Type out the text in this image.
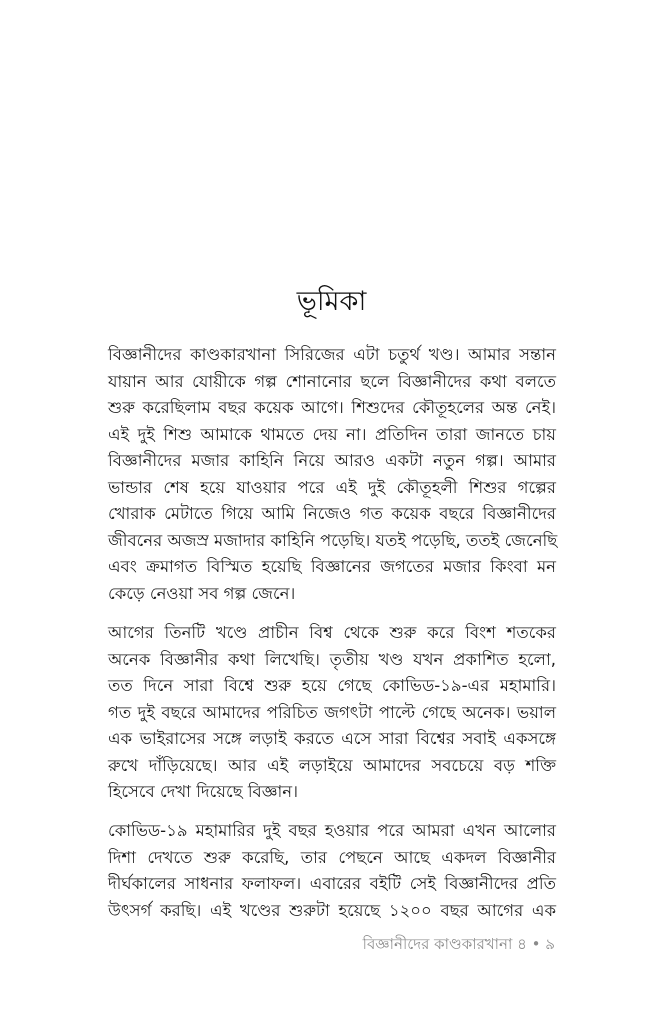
ভূমিকা
বিজ্ঞানীদের কাণ্ডকারখানা সিরিজের এটা চতুর্থ খণ্ড। আমার সন্তান
যায়ান আর যোয়ীকে গল্প শোনানোর ছলে বিজ্ঞানীদের কথা বলতে
শুরু করেছিলাম বছর কয়েক আগে। শিশুদের কৌতূহলের অন্ত নেই।
এই দুই শিশু আমাকে থামতে দেয় না। প্রতিদিন তারা জানতে চায়
বিজ্ঞানীদের মজার কাহিনি নিয়ে আরও একটা নতুন গল্প। আমার
ভান্ডার শেষ হয়ে যাওয়ার পরে এই দুই কৌতূহলী শিশুর গল্পের
খোরাক মেটাতে গিয়ে আমি নিজেও গত কয়েক বছরে বিজ্ঞানীদের
জীবনের অজস্র মজাদার কাহিনি পড়েছি। যতই পড়েছি, ততই জেনেছি
এবং ক্রমাগত বিস্মিত হয়েছি বিজ্ঞানের জগতের মজার কিংবা মন
কেড়ে নেওয়া সব গল্প জেনে।
আগের তিনটি খণ্ডে প্রাচীন বিশ্ব থেকে শুরু করে বিংশ শতকের
অনেক বিজ্ঞানীর কথা লিখেছি। তৃতীয় খণ্ড যখন প্রকাশিত হলো,
তত দিনে সারা বিশ্বে শুরু হয়ে গেছে কোভিড-১৯-এর মহামারি।
গত দুই বছরে আমাদের পরিচিত জগৎটা পাল্টে গেছে অনেক। ভয়াল
এক ভাইরাসের সঙ্গে লড়াই করতে এসে সারা বিশ্বের সবাই একসঙ্গে
রুখে দাঁড়িয়েছে। আর এই লড়াইয়ে আমাদের সবচেয়ে বড় শক্তি
হিসেবে দেখা দিয়েছে বিজ্ঞান।
কোভিড-১৯ মহামারির দুই বছর হওয়ার পরে আমরা এখন আলোর
দিশা দেখতে শুরু করেছি, তার পেছনে আছে একদল বিজ্ঞানীর
দীর্ঘকালের সাধনার ফলাফল। এবারের বইটি সেই বিজ্ঞানীদের প্রতি
উৎসর্গ করছি। এই খণ্ডের শুরুটা হয়েছে ১২০০ বছর আগের এক
বিজ্ঞানীদের কাণ্ডকারখানা ৪ • ৯
